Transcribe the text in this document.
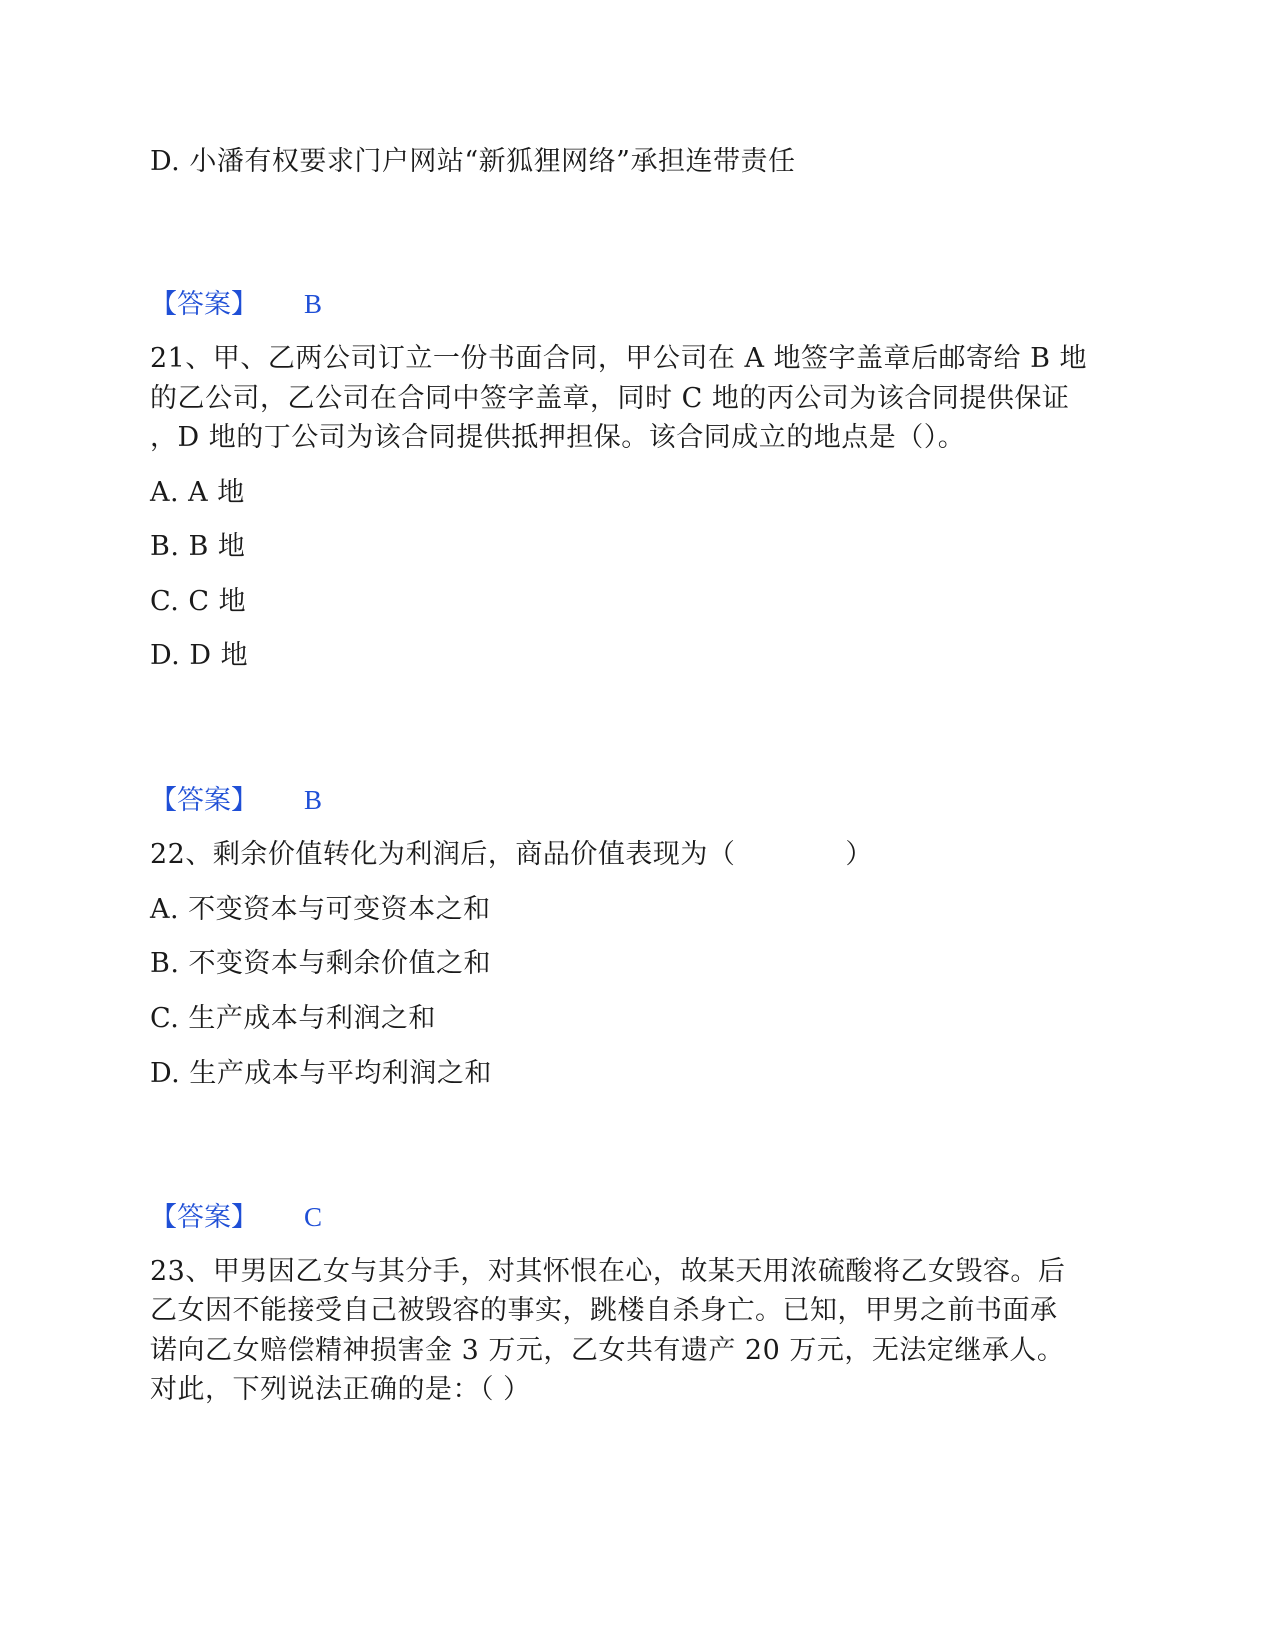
D. 小潘有权要求门户网站“新狐狸网络”承担连带责任
【答案】 B
21、甲、乙两公司订立一份书面合同，甲公司在 A 地签字盖章后邮寄给 B 地
的乙公司，乙公司在合同中签字盖章，同时 C 地的丙公司为该合同提供保证
，D 地的丁公司为该合同提供抵押担保。该合同成立的地点是（）。
A. A 地
B. B 地
C. C 地
D. D 地
【答案】 B
22、剩余价值转化为利润后，商品价值表现为（　　　　）
A. 不变资本与可变资本之和
B. 不变资本与剩余价值之和
C. 生产成本与利润之和
D. 生产成本与平均利润之和
【答案】 C
23、甲男因乙女与其分手，对其怀恨在心，故某天用浓硫酸将乙女毁容。后
乙女因不能接受自己被毁容的事实，跳楼自杀身亡。已知，甲男之前书面承
诺向乙女赔偿精神损害金 3 万元，乙女共有遗产 20 万元，无法定继承人。
对此，下列说法正确的是：（ ）
